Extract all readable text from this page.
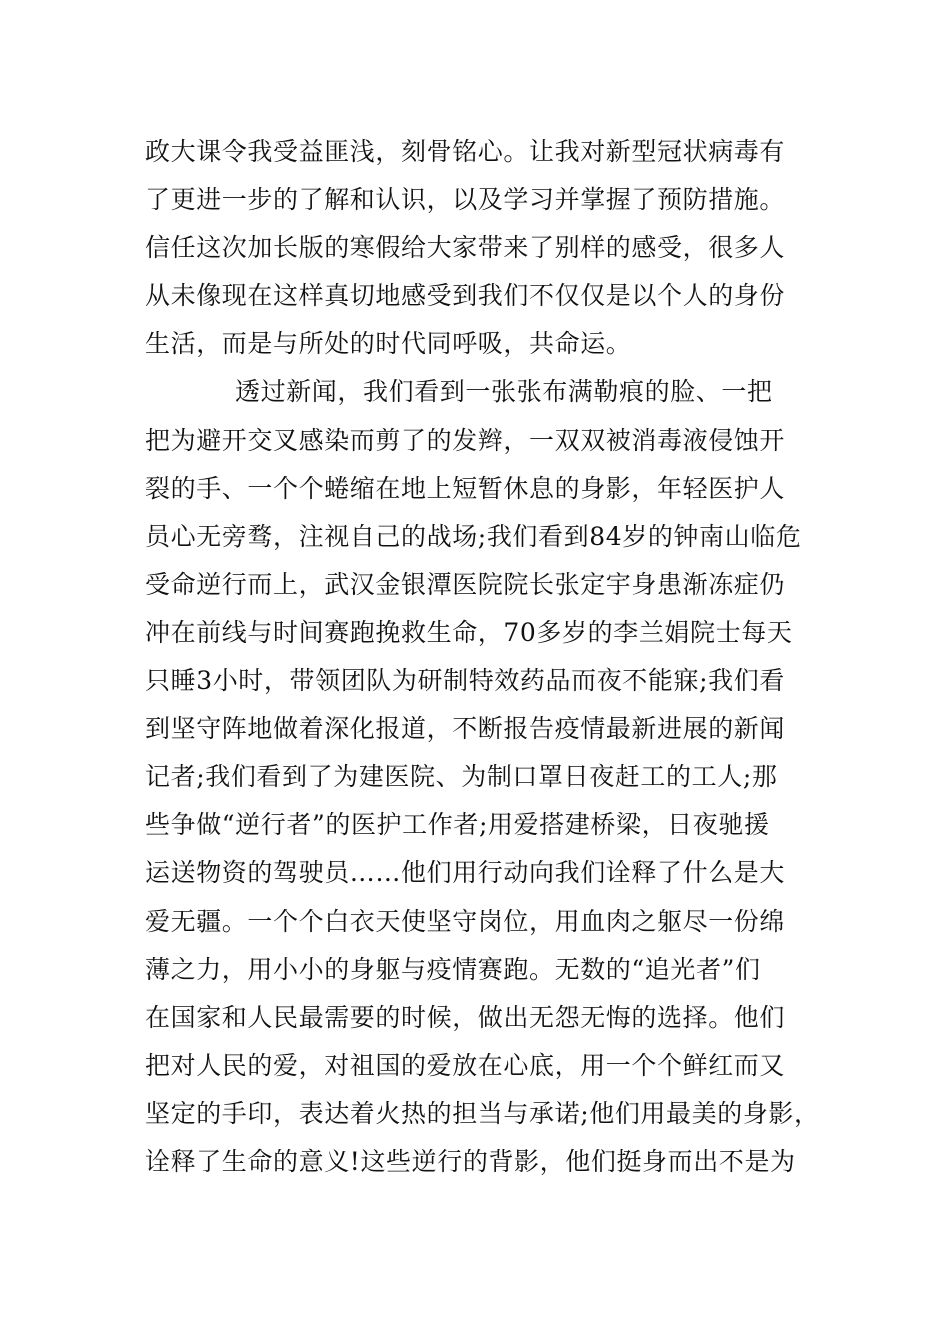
政大课令我受益匪浅，刻骨铭心。让我对新型冠状病毒有
了更进一步的了解和认识，以及学习并掌握了预防措施。
信任这次加长版的寒假给大家带来了别样的感受，很多人
从未像现在这样真切地感受到我们不仅仅是以个人的身份
生活，而是与所处的时代同呼吸，共命运。
透过新闻，我们看到一张张布满勒痕的脸、一把
把为避开交叉感染而剪了的发辫，一双双被消毒液侵蚀开
裂的手、一个个蜷缩在地上短暂休息的身影，年轻医护人
员心无旁骛，注视自己的战场;我们看到84岁的钟南山临危
受命逆行而上，武汉金银潭医院院长张定宇身患渐冻症仍
冲在前线与时间赛跑挽救生命，70多岁的李兰娟院士每天
只睡3小时，带领团队为研制特效药品而夜不能寐;我们看
到坚守阵地做着深化报道，不断报告疫情最新进展的新闻
记者;我们看到了为建医院、为制口罩日夜赶工的工人;那
些争做“逆行者”的医护工作者;用爱搭建桥梁，日夜驰援
运送物资的驾驶员……他们用行动向我们诠释了什么是大
爱无疆。一个个白衣天使坚守岗位，用血肉之躯尽一份绵
薄之力，用小小的身躯与疫情赛跑。无数的“追光者”们
在国家和人民最需要的时候，做出无怨无悔的选择。他们
把对人民的爱，对祖国的爱放在心底，用一个个鲜红而又
坚定的手印，表达着火热的担当与承诺;他们用最美的身影，
诠释了生命的意义!这些逆行的背影，他们挺身而出不是为
